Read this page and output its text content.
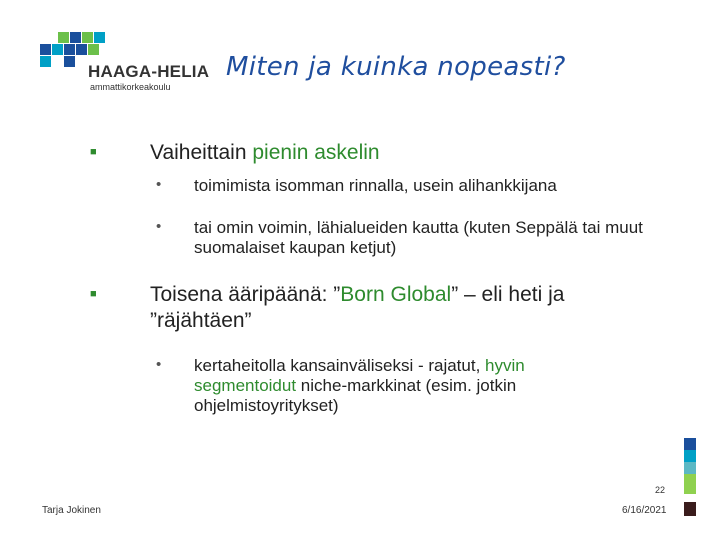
HAAGA-HELIA
ammattikorkeakoulu
Miten ja kuinka nopeasti?
■	Vaiheittain pienin askelin
• toimimista isomman rinnalla, usein alihankkijana
• tai omin voimin, lähialueiden kautta (kuten Seppälä tai muut suomalaiset kaupan ketjut)
■	Toisena ääripäänä: ”Born Global” – eli heti ja ”räjähtäen”
• kertaheitolla kansainväliseksi - rajatut, hyvin segmentoidut niche-markkinat (esim. jotkin ohjelmistoyritykset)
Tarja Jokinen
22
6/16/2021
